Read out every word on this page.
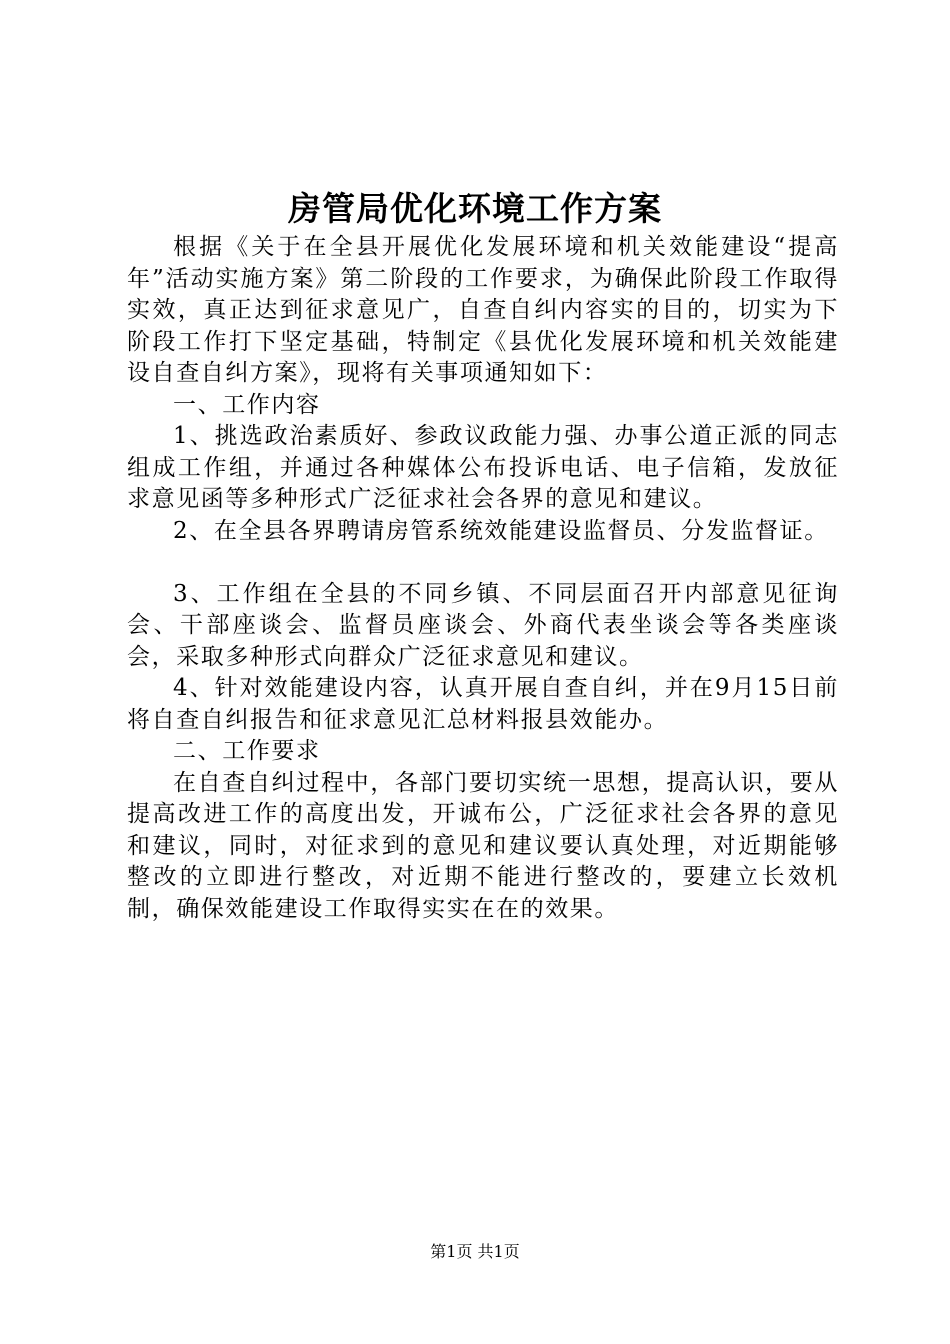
房管局优化环境工作方案

根据《关于在全县开展优化发展环境和机关效能建设“提高年”活动实施方案》第二阶段的工作要求，为确保此阶段工作取得实效，真正达到征求意见广，自查自纠内容实的目的，切实为下阶段工作打下坚定基础，特制定《县优化发展环境和机关效能建设自查自纠方案》，现将有关事项通知如下：

一、工作内容

1、挑选政治素质好、参政议政能力强、办事公道正派的同志组成工作组，并通过各种媒体公布投诉电话、电子信箱，发放征求意见函等多种形式广泛征求社会各界的意见和建议。

2、在全县各界聘请房管系统效能建设监督员、分发监督证。

3、工作组在全县的不同乡镇、不同层面召开内部意见征询会、干部座谈会、监督员座谈会、外商代表坐谈会等各类座谈会，采取多种形式向群众广泛征求意见和建议。

4、针对效能建设内容，认真开展自查自纠，并在9月15日前将自查自纠报告和征求意见汇总材料报县效能办。

二、工作要求

在自查自纠过程中，各部门要切实统一思想，提高认识，要从提高改进工作的高度出发，开诚布公，广泛征求社会各界的意见和建议，同时，对征求到的意见和建议要认真处理，对近期能够整改的立即进行整改，对近期不能进行整改的，要建立长效机制，确保效能建设工作取得实实在在的效果。

第1页 共1页
